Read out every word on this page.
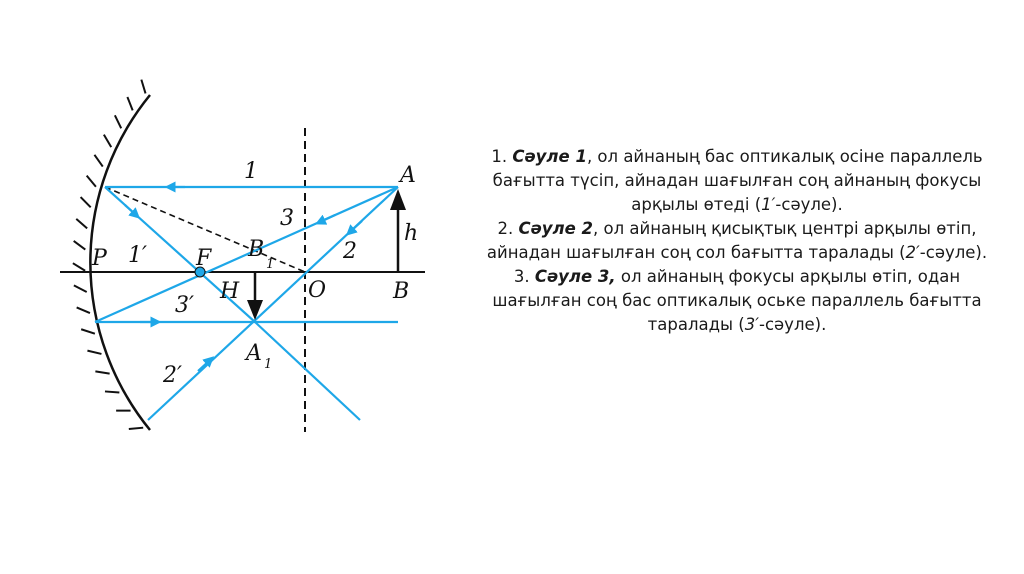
A
h
B
O
P	F
H
B
1
A 1
1
1′	2
2′
3
3′

1. Сәуле 1, ол айнаның бас оптикалық осіне параллель бағытта түсіп, айнадан шағылған соң айнаның фокусы арқылы өтеді (1′-сәуле).

2. Сәуле 2, ол айнаның қисықтық центрі арқылы өтіп, айнадан шағылған соң сол бағытта таралады (2′-сәуле).

3. Сәуле 3, ол айнаның фокусы арқылы өтіп, одан шағылған соң бас оптикалық оське параллель бағытта таралады (3′-сәуле).
